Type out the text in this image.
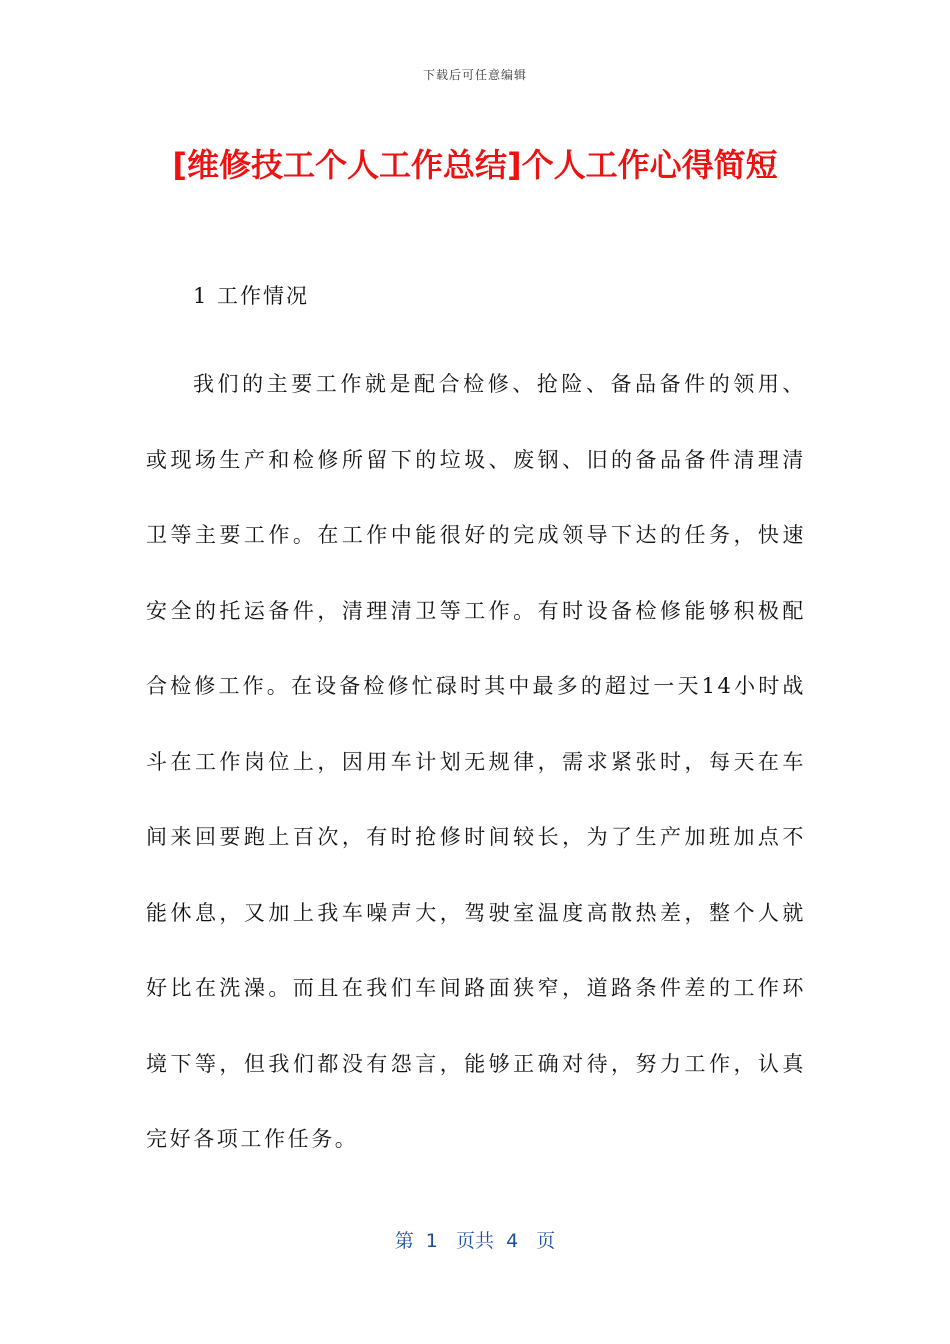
下载后可任意编辑
[维修技工个人工作总结]个人工作心得简短
1 工作情况

我们的主要工作就是配合检修、抢险、备品备件的领用、或现场生产和检修所留下的垃圾、废钢、旧的备品备件清理清卫等主要工作。在工作中能很好的完成领导下达的任务，快速安全的托运备件，清理清卫等工作。有时设备检修能够积极配合检修工作。在设备检修忙碌时其中最多的超过一天14小时战斗在工作岗位上，因用车计划无规律，需求紧张时，每天在车间来回要跑上百次，有时抢修时间较长，为了生产加班加点不能休息，又加上我车噪声大，驾驶室温度高散热差，整个人就好比在洗澡。而且在我们车间路面狭窄，道路条件差的工作环境下等，但我们都没有怨言，能够正确对待，努力工作，认真完好各项工作任务。

第  1   页共  4   页
